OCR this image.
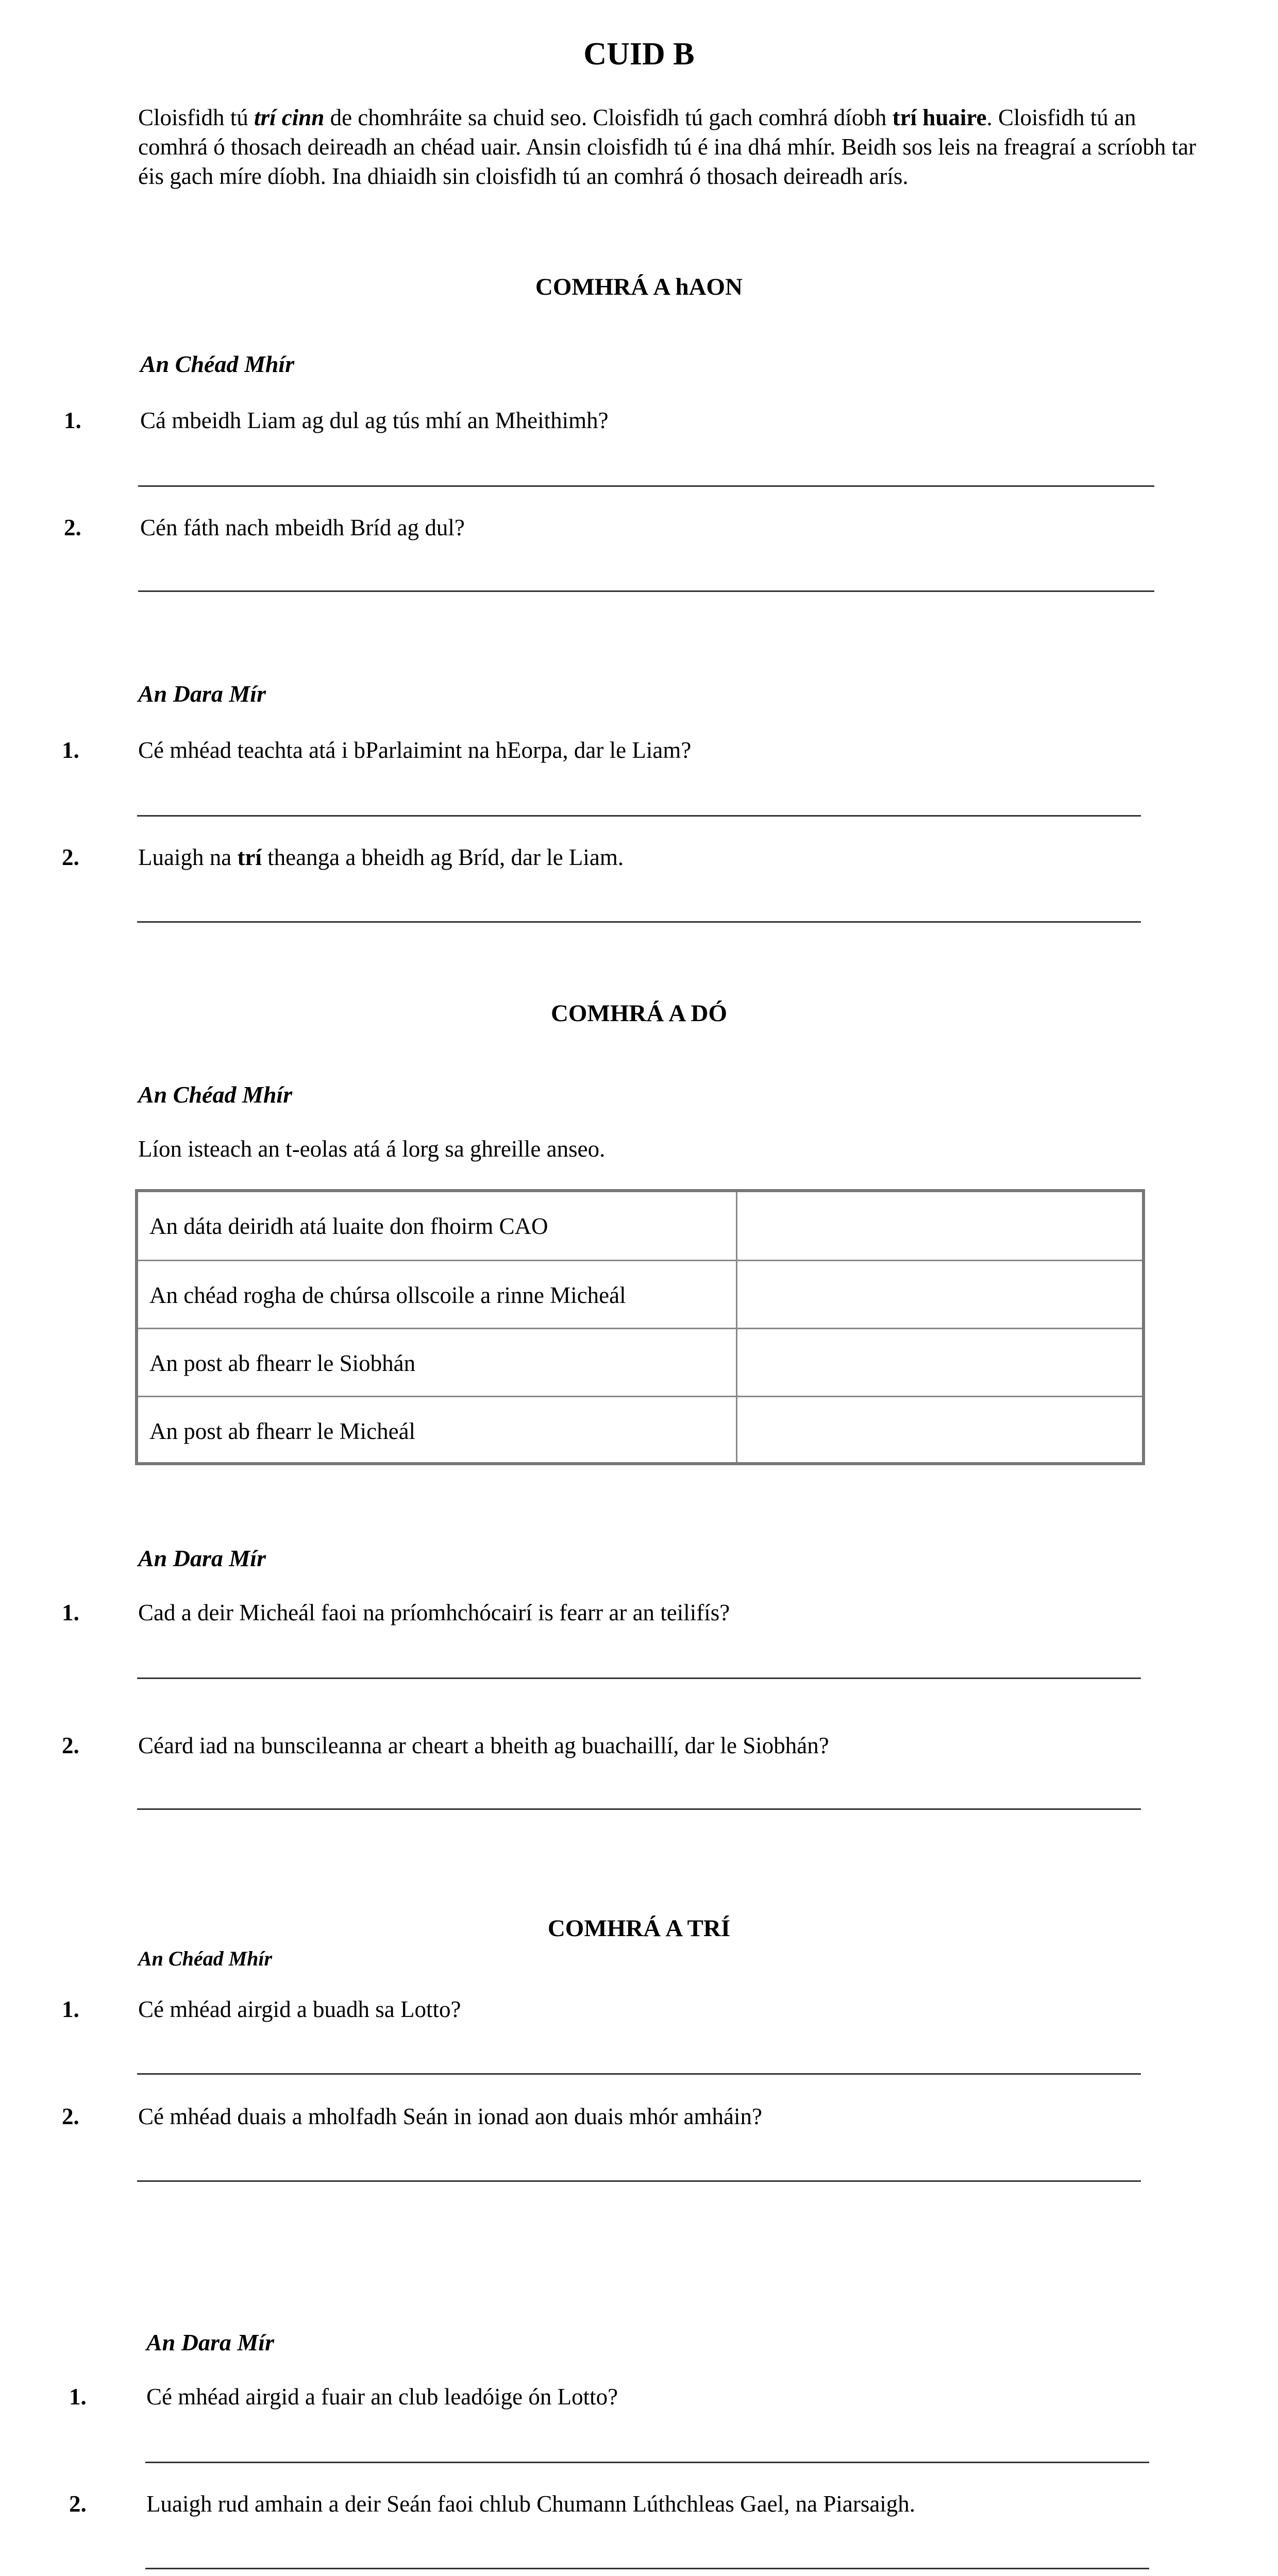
CUID B
Cloisfidh tú trí cinn de chomhráite sa chuid seo. Cloisfidh tú gach comhrá díobh trí huaire. Cloisfidh tú an comhrá ó thosach deireadh an chéad uair. Ansin cloisfidh tú é ina dhá mhír. Beidh sos leis na freagraí a scríobh tar éis gach míre díobh. Ina dhiaidh sin cloisfidh tú an comhrá ó thosach deireadh arís.
COMHRÁ A hAON
An Chéad Mhír
1.	Cá mbeidh Liam ag dul ag tús mhí an Mheithimh?
2.	Cén fáth nach mbeidh Bríd ag dul?
An Dara Mír
1.	Cé mhéad teachta atá i bParlaimint na hEorpa, dar le Liam?
2.	Luaigh na trí theanga a bheidh ag Bríd, dar le Liam.
COMHRÁ A DÓ
An Chéad Mhír
Líon isteach an t-eolas atá á lorg sa ghreille anseo.
An dáta deiridh atá luaite don fhoirm CAO
An chéad rogha de chúrsa ollscoile a rinne Micheál
An post ab fhearr le Siobhán
An post ab fhearr le Micheál
An Dara Mír
1.	Cad a deir Micheál faoi na príomhchócairí is fearr ar an teilifís?
2.	Céard iad na bunscileanna ar cheart a bheith ag buachaillí, dar le Siobhán?
COMHRÁ A TRÍ
An Chéad Mhír
1.	Cé mhéad airgid a buadh sa Lotto?
2.	Cé mhéad duais a mholfadh Seán in ionad aon duais mhór amháin?
An Dara Mír
1.	Cé mhéad airgid a fuair an club leadóige ón Lotto?
2.	Luaigh rud amhain a deir Seán faoi chlub Chumann Lúthchleas Gael, na Piarsaigh.
